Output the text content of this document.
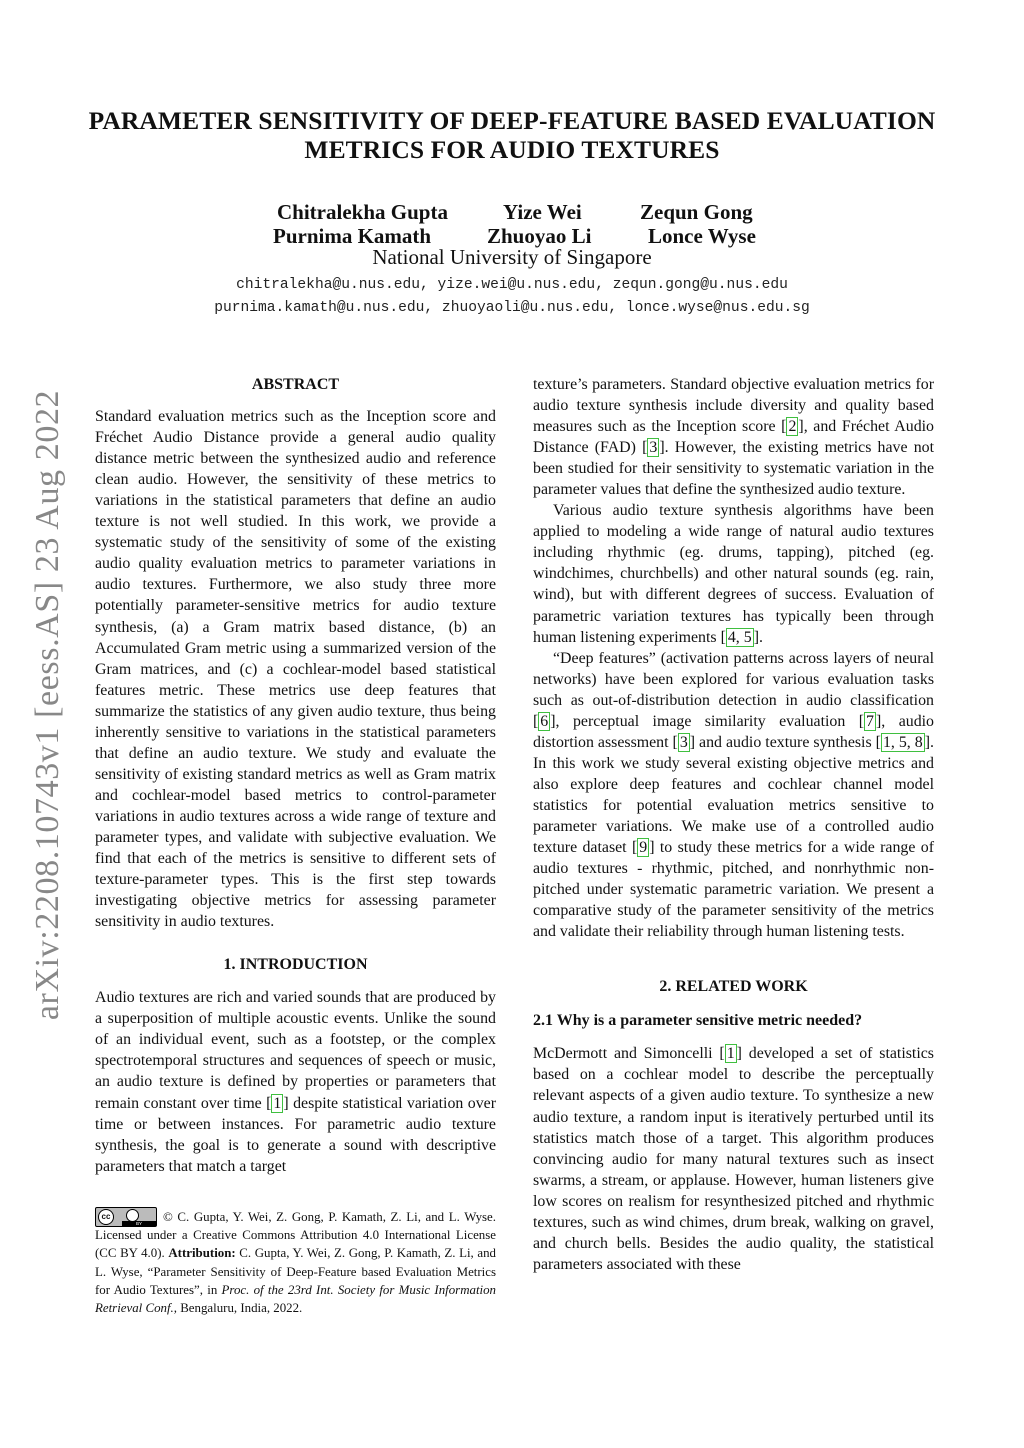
PARAMETER SENSITIVITY OF DEEP-FEATURE BASED EVALUATION METRICS FOR AUDIO TEXTURES
Chitralekha Gupta	Yize Wei	Zequn Gong
Purnima Kamath	Zhuoyao Li	Lonce Wyse
National University of Singapore
chitralekha@u.nus.edu, yize.wei@u.nus.edu, zequn.gong@u.nus.edu
purnima.kamath@u.nus.edu, zhuoyaoli@u.nus.edu, lonce.wyse@nus.edu.sg
arXiv:2208.10743v1 [eess.AS] 23 Aug 2022

ABSTRACT

Standard evaluation metrics such as the Inception score and Fréchet Audio Distance provide a general audio quality distance metric between the synthesized audio and reference clean audio. However, the sensitivity of these metrics to variations in the statistical parameters that define an audio texture is not well studied. In this work, we provide a systematic study of the sensitivity of some of the existing audio quality evaluation metrics to parameter variations in audio textures. Furthermore, we also study three more potentially parameter-sensitive metrics for audio texture synthesis, (a) a Gram matrix based distance, (b) an Accumulated Gram metric using a summarized version of the Gram matrices, and (c) a cochlear-model based statistical features metric. These metrics use deep features that summarize the statistics of any given audio texture, thus being inherently sensitive to variations in the statistical parameters that define an audio texture. We study and evaluate the sensitivity of existing standard metrics as well as Gram matrix and cochlear-model based metrics to control-parameter variations in audio textures across a wide range of texture and parameter types, and validate with subjective evaluation. We find that each of the metrics is sensitive to different sets of texture-parameter types. This is the first step towards investigating objective metrics for assessing parameter sensitivity in audio textures.

1. INTRODUCTION

Audio textures are rich and varied sounds that are produced by a superposition of multiple acoustic events. Unlike the sound of an individual event, such as a footstep, or the complex spectrotemporal structures and sequences of speech or music, an audio texture is defined by properties or parameters that remain constant over time [ 1 ] despite statistical variation over time or between instances. For parametric audio texture synthesis, the goal is to generate a sound with descriptive parameters that match a target

cc
BY	© C. Gupta, Y. Wei, Z. Gong, P. Kamath, Z. Li, and L. Wyse. Licensed under a Creative Commons Attribution 4.0 International License (CC BY 4.0). Attribution: C. Gupta, Y. Wei, Z. Gong, P. Kamath, Z. Li, and L. Wyse, “Parameter Sensitivity of Deep-Feature based Evaluation Metrics for Audio Textures”, in Proc. of the 23rd Int. Society for Music Information Retrieval Conf., Bengaluru, India, 2022.

texture’s parameters. Standard objective evaluation metrics for audio texture synthesis include diversity and quality based measures such as the Inception score [ 2 ], and Fréchet Audio Distance (FAD) [ 3 ]. However, the existing metrics have not been studied for their sensitivity to systematic variation in the parameter values that define the synthesized audio texture.

Various audio texture synthesis algorithms have been applied to modeling a wide range of natural audio textures including rhythmic (eg. drums, tapping), pitched (eg. windchimes, churchbells) and other natural sounds (eg. rain, wind), but with different degrees of success. Evaluation of parametric variation textures has typically been through human listening experiments [ 4, 5 ].

“Deep features” (activation patterns across layers of neural networks) have been explored for various evaluation tasks such as out-of-distribution detection in audio classification [ 6 ], perceptual image similarity evaluation [ 7 ], audio distortion assessment [ 3 ] and audio texture synthesis [ 1, 5, 8 ]. In this work we study several existing objective metrics and also explore deep features and cochlear channel model statistics for potential evaluation metrics sensitive to parameter variations. We make use of a controlled audio texture dataset [ 9 ] to study these metrics for a wide range of audio textures - rhythmic, pitched, and nonrhythmic non-pitched under systematic parametric variation. We present a comparative study of the parameter sensitivity of the metrics and validate their reliability through human listening tests.

2. RELATED WORK

2.1 Why is a parameter sensitive metric needed?

McDermott and Simoncelli [ 1 ] developed a set of statistics based on a cochlear model to describe the perceptually relevant aspects of a given audio texture. To synthesize a new audio texture, a random input is iteratively perturbed until its statistics match those of a target. This algorithm produces convincing audio for many natural textures such as insect swarms, a stream, or applause. However, human listeners give low scores on realism for resynthesized pitched and rhythmic textures, such as wind chimes, drum break, walking on gravel, and church bells. Besides the audio quality, the statistical parameters associated with these
